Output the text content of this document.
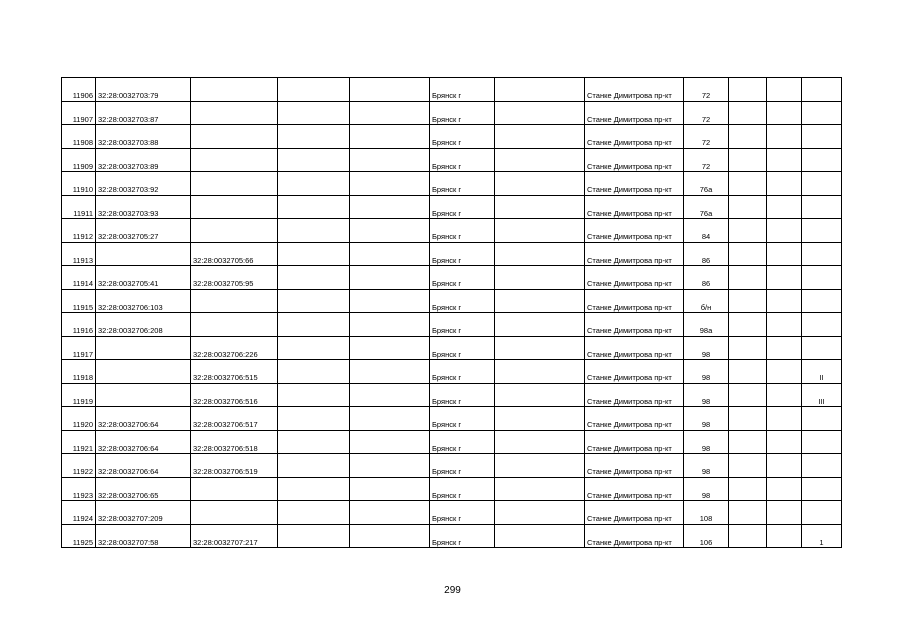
11906	32:28:0032703:79				Брянск г		Станке Димитрова пр-кт	72			
11907	32:28:0032703:87				Брянск г		Станке Димитрова пр-кт	72			
11908	32:28:0032703:88				Брянск г		Станке Димитрова пр-кт	72			
11909	32:28:0032703:89				Брянск г		Станке Димитрова пр-кт	72			
11910	32:28:0032703:92				Брянск г		Станке Димитрова пр-кт	76а			
11911	32:28:0032703:93				Брянск г		Станке Димитрова пр-кт	76а			
11912	32:28:0032705:27				Брянск г		Станке Димитрова пр-кт	84			
11913		32:28:0032705:66			Брянск г		Станке Димитрова пр-кт	86			
11914	32:28:0032705:41	32:28:0032705:95			Брянск г		Станке Димитрова пр-кт	86			
11915	32:28:0032706:103				Брянск г		Станке Димитрова пр-кт	б/н			
11916	32:28:0032706:208				Брянск г		Станке Димитрова пр-кт	98а			
11917		32:28:0032706:226			Брянск г		Станке Димитрова пр-кт	98			
11918		32:28:0032706:515			Брянск г		Станке Димитрова пр-кт	98			II
11919		32:28:0032706:516			Брянск г		Станке Димитрова пр-кт	98			III
11920	32:28:0032706:64	32:28:0032706:517			Брянск г		Станке Димитрова пр-кт	98			
11921	32:28:0032706:64	32:28:0032706:518			Брянск г		Станке Димитрова пр-кт	98			
11922	32:28:0032706:64	32:28:0032706:519			Брянск г		Станке Димитрова пр-кт	98			
11923	32:28:0032706:65				Брянск г		Станке Димитрова пр-кт	98			
11924	32:28:0032707:209				Брянск г		Станке Димитрова пр-кт	108			
11925	32:28:0032707:58	32:28:0032707:217			Брянск г		Станке Димитрова пр-кт	106			1
299
